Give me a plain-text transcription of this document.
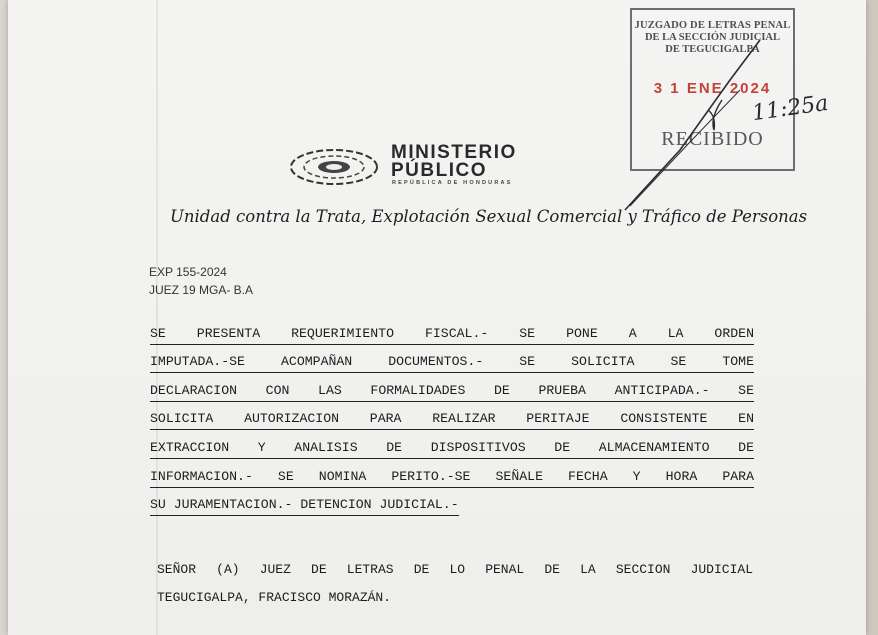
JUZGADO DE LETRAS PENAL
DE LA SECCIÓN JUDICIAL
DE TEGUCIGALPA
3 1 ENE 2024
RECIBIDO
11:25a
MINISTERIO
PÚBLICO
REPÚBLICA DE HONDURAS
Unidad contra la Trata, Explotación Sexual Comercial y Tráfico de Personas
EXP 155-2024
JUEZ 19 MGA- B.A
SE PRESENTA REQUERIMIENTO FISCAL.- SE PONE A LA ORDEN
IMPUTADA.-SE ACOMPAÑAN DOCUMENTOS.- SE SOLICITA SE TOME
DECLARACION CON LAS FORMALIDADES DE PRUEBA ANTICIPADA.- SE
SOLICITA AUTORIZACION PARA REALIZAR PERITAJE CONSISTENTE EN
EXTRACCION Y ANALISIS DE DISPOSITIVOS DE ALMACENAMIENTO DE
INFORMACION.- SE NOMINA PERITO.-SE SEÑALE FECHA Y HORA PARA
SU JURAMENTACION.- DETENCION JUDICIAL.-
SEÑOR (A) JUEZ DE LETRAS DE LO PENAL DE LA SECCION JUDICIAL
TEGUCIGALPA, FRACISCO MORAZÁN.
